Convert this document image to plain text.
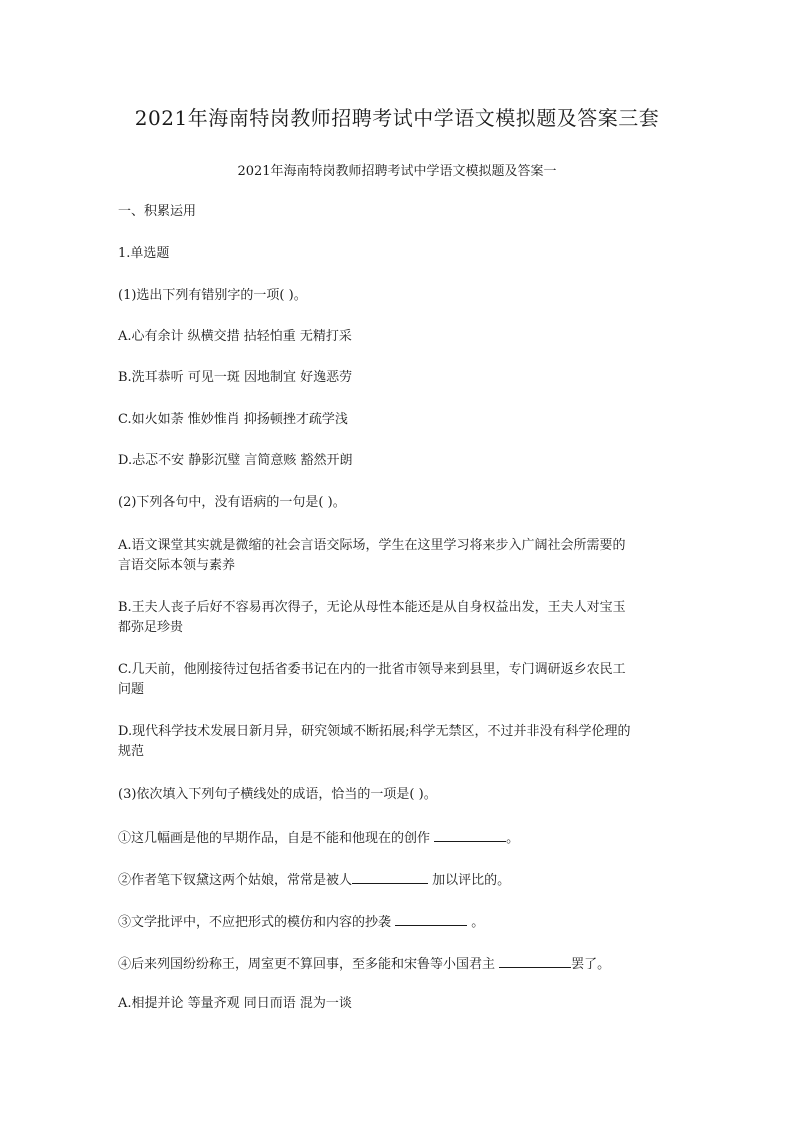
2021年海南特岗教师招聘考试中学语文模拟题及答案三套
2021年海南特岗教师招聘考试中学语文模拟题及答案一
一、积累运用
1.单选题
(1)选出下列有错别字的一项( )。
A.心有余计 纵横交措 拈轻怕重 无精打采
B.洗耳恭听 可见一斑 因地制宜 好逸恶劳
C.如火如荼 惟妙惟肖 抑扬顿挫才疏学浅
D.忐忑不安 静影沉璧 言简意赅 豁然开朗
(2)下列各句中，没有语病的一句是( )。
A.语文课堂其实就是微缩的社会言语交际场，学生在这里学习将来步入广阔社会所需要的
言语交际本领与素养
B.王夫人丧子后好不容易再次得子，无论从母性本能还是从自身权益出发，王夫人对宝玉
都弥足珍贵
C.几天前，他刚接待过包括省委书记在内的一批省市领导来到县里，专门调研返乡农民工
问题
D.现代科学技术发展日新月异，研究领域不断拓展;科学无禁区，不过并非没有科学伦理的
规范
(3)依次填入下列句子横线处的成语，恰当的一项是( )。
①这几幅画是他的早期作品，自是不能和他现在的创作	。
②作者笔下钗黛这两个姑娘，常常是被人	加以评比的。
③文学批评中，不应把形式的模仿和内容的抄袭	。
④后来列国纷纷称王，周室更不算回事，至多能和宋鲁等小国君主	罢了。
A.相提并论 等量齐观 同日而语 混为一谈
